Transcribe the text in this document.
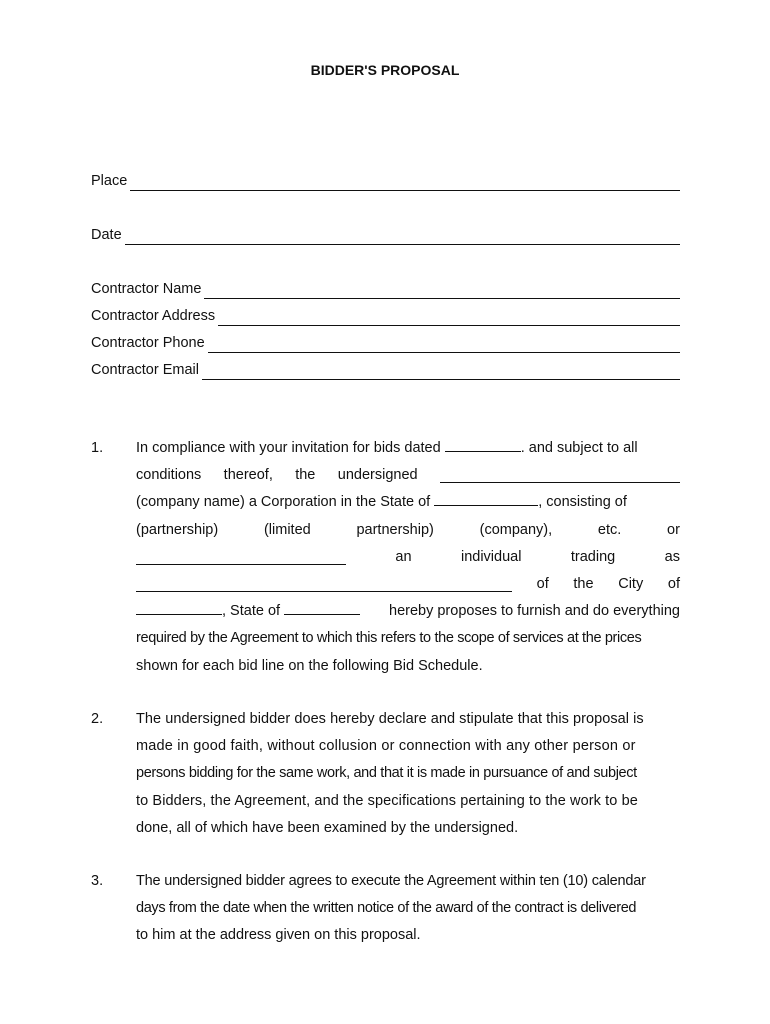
BIDDER'S PROPOSAL
Place
Date
Contractor Name
Contractor Address
Contractor Phone
Contractor Email
1. In compliance with your invitation for bids dated	. and subject to all
conditions thereof, the undersigned
(company name) a Corporation in the State of	, consisting of
(partnership)	(limited	partnership)	(company),	etc.	or
an	individual	trading	as
of the City of
, State of	hereby proposes to furnish and do everything
required by the Agreement to which this refers to the scope of services at the prices
shown for each bid line on the following Bid Schedule.
2. The undersigned bidder does hereby declare and stipulate that this proposal is
made in good faith, without collusion or connection with any other person or
persons bidding for the same work, and that it is made in pursuance of and subject
to Bidders, the Agreement, and the specifications pertaining to the work to be
done, all of which have been examined by the undersigned.
3. The undersigned bidder agrees to execute the Agreement within ten (10) calendar
days from the date when the written notice of the award of the contract is delivered
to him at the address given on this proposal.
